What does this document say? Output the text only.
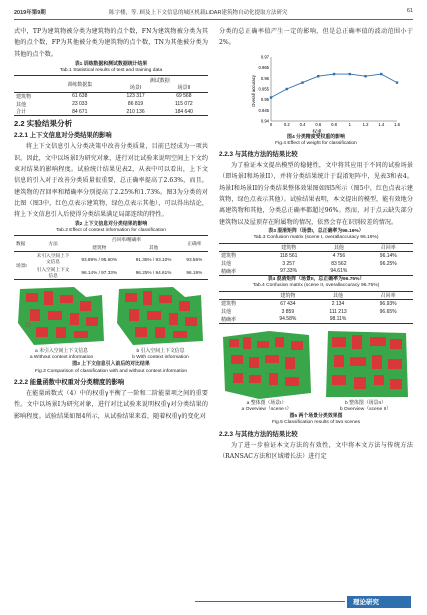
2019年第9期	陈字楼，等. 顾及上下文信息的城区机载LiDAR建筑物自动化提取方法研究	61

式中，TP为建筑物被分类为建筑物的点个数，FN为建筑物被分类为其他的点个数，FP为其他被分类为建筑物的点个数，TN为其他被分类为其他的点个数。

表1 训练数据和测试数据统计结果

Tab.1 Statistical results of test and training data

	训练数据集	测试数据	
		场景I	场景II
建筑物	61 638	123 317	69 568
其他	23 033	86 819	115 072
合计	84 671	210 136	184 640

2.2 实验结果分析

2.2.1 上下文信息对分类结果的影响

将上下文信息引入分类决策中改善分类质量，目前已经成为一项共识。因此，文中以场景I为研究对象，进行对比试验来说明空间上下文约束对结果的影响程度。试验统计结果见表2，从表中可以看出，上下文信息的引入对于改善分类质量很重要，总正确率提高了2.63%，而且，建筑物的召回率和精确率分别提高了2.25%和1.73%。图3为分类的对比图（图3中，红色点表示建筑物，绿色点表示其他），可以得出结论，将上下文信息引入后使得分类结果满足局部连续的特性。

表2 上下文信息对分类结果的影响

Tab.2 Effect of context information for classification

数据	方法	召回率/精确率		正确率
		建筑物	其他	
场景I	未引入空间上下文信息	93.89% / 95.60%	91.35% / 93.10%	93.56%
	引入空间上下文信息	96.14% / 97.33%	96.25% / 94.61%	96.19%

a 未引入空间上下文信息	b 引入空间上下文信息

a Without context information	b With context information

图3 上下文信息引入前后的对比结果

Fig.3 Comparison of classification with and without context information

2.2.2 能量函数中权重对分类精度的影响

在能量函数式（4）中的权重γ平衡了一阶和二阶能量项之间的重要性。文中以场景I为研究对象，进行对比试验来说明权重γ对分类结果的影响程度。试验结果如图4所示，从试验结果来看，随着权重γ的变化对

分类的总正确率值产生一定的影响，但是总正确率值的波动范围小于2%。

0.97
0.965
0.96
0.955
0.95
0.945
0.94
0	0.2 0.4 0.6 0.8	1	1.2 1.4 1.6
Overall accuracy
权重

图4 分类精度受权重的影响

Fig.4 Effect of weight for classification

2.2.3 与其他方法的结果比较

为了验证本文提出模型的稳健性，文中将其应用于不同的试验场景（即场景I和场景II），并将分类结果统计于混淆矩阵中，见表3和表4。场景I和场景II的分类结果整体效果图如图5所示（图5中，红色点表示建筑物，绿色点表示其他）。试验结果表明，本文提出的模型，能有效地分离建筑物和其他，分类总正确率都超过96%。然而，对于点云缺失部分建筑物以及屋顶存在附属物的情况，依然会存在识别较差的情况。

表3 混淆矩阵（场景I，总正确率为96.19%）

Tab.3 Confusion matrix (scene I, overallaccuracy 96.19%)

	建筑物	其他	召回率
建筑物	118 561	4 756	96.14%
其他	3 257	83 562	96.25%
精确率	97.33%	94.61%	

表4 混淆矩阵（场景II，总正确率为96.75%）

Tab.4 Confusion matrix (scene II, overallaccuracy 96.75%)

	建筑物	其他	召回率
建筑物	67 434	2 134	96.93%
其他	3 859	111 213	96.65%
精确率	94.58%	98.11%	

a 整体图（场景I）	b 整体图（场景II）

a Overview（scene I）	b Overview（scene II）

图5 两个场景分类效果图

Fig.5 Classification results of two scenes

2.2.3 与其他方法的结果比较

为了进一步验证本文方法的有效性，文中将本文方法与传统方法（RANSAC方法和区域增长法）进行定

理论研究
